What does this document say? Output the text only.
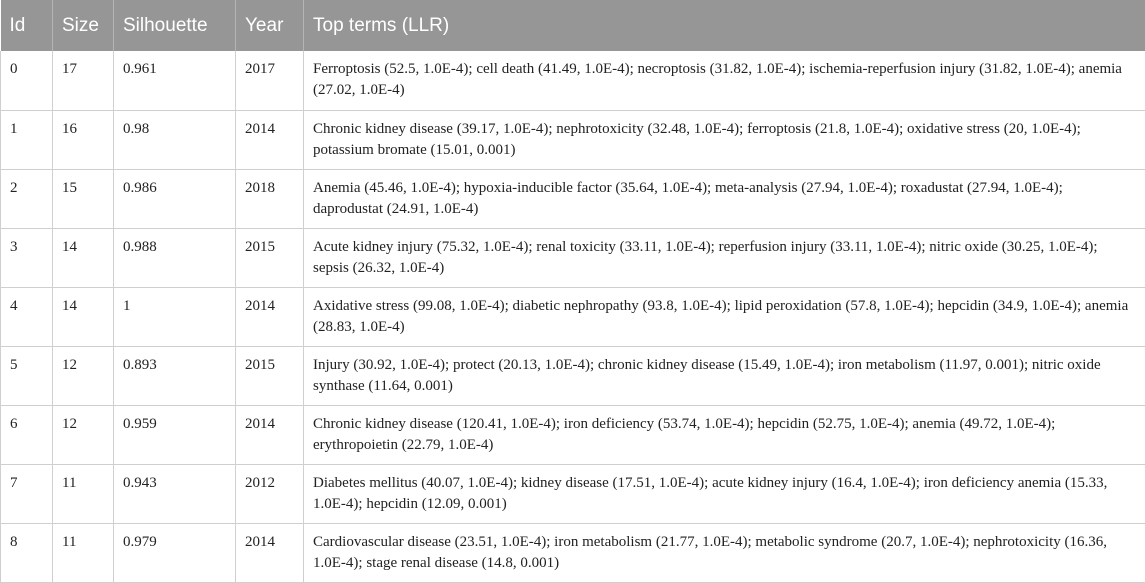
Id	Size	Silhouette	Year	Top terms (LLR)
0	17	0.961	2017	Ferroptosis (52.5, 1.0E-4); cell death (41.49, 1.0E-4); necroptosis (31.82, 1.0E-4); ischemia-reperfusion injury (31.82, 1.0E-4); anemia (27.02, 1.0E-4)
1	16	0.98	2014	Chronic kidney disease (39.17, 1.0E-4); nephrotoxicity (32.48, 1.0E-4); ferroptosis (21.8, 1.0E-4); oxidative stress (20, 1.0E-4); potassium bromate (15.01, 0.001)
2	15	0.986	2018	Anemia (45.46, 1.0E-4); hypoxia-inducible factor (35.64, 1.0E-4); meta-analysis (27.94, 1.0E-4); roxadustat (27.94, 1.0E-4); daprodustat (24.91, 1.0E-4)
3	14	0.988	2015	Acute kidney injury (75.32, 1.0E-4); renal toxicity (33.11, 1.0E-4); reperfusion injury (33.11, 1.0E-4); nitric oxide (30.25, 1.0E-4); sepsis (26.32, 1.0E-4)
4	14	1	2014	Axidative stress (99.08, 1.0E-4); diabetic nephropathy (93.8, 1.0E-4); lipid peroxidation (57.8, 1.0E-4); hepcidin (34.9, 1.0E-4); anemia (28.83, 1.0E-4)
5	12	0.893	2015	Injury (30.92, 1.0E-4); protect (20.13, 1.0E-4); chronic kidney disease (15.49, 1.0E-4); iron metabolism (11.97, 0.001); nitric oxide synthase (11.64, 0.001)
6	12	0.959	2014	Chronic kidney disease (120.41, 1.0E-4); iron deficiency (53.74, 1.0E-4); hepcidin (52.75, 1.0E-4); anemia (49.72, 1.0E-4); erythropoietin (22.79, 1.0E-4)
7	11	0.943	2012	Diabetes mellitus (40.07, 1.0E-4); kidney disease (17.51, 1.0E-4); acute kidney injury (16.4, 1.0E-4); iron deficiency anemia (15.33, 1.0E-4); hepcidin (12.09, 0.001)
8	11	0.979	2014	Cardiovascular disease (23.51, 1.0E-4); iron metabolism (21.77, 1.0E-4); metabolic syndrome (20.7, 1.0E-4); nephrotoxicity (16.36, 1.0E-4); stage renal disease (14.8, 0.001)
